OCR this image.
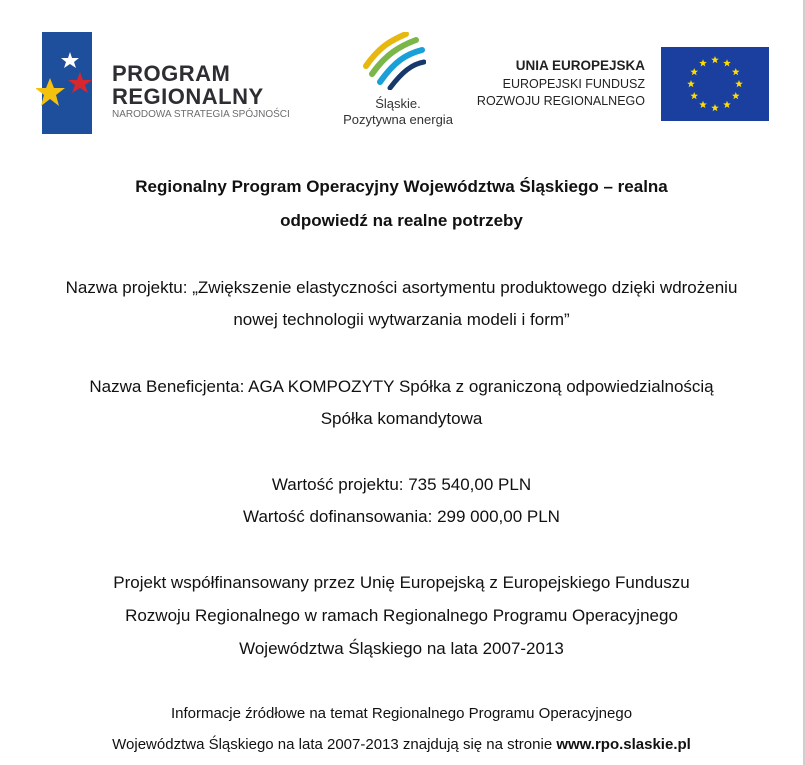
PROGRAM
REGIONALNY
NARODOWA STRATEGIA SPÓJNOŚCI
Śląskie.
Pozytywna energia
UNIA EUROPEJSKA
EUROPEJSKI FUNDUSZ
ROZWOJU REGIONALNEGO
Regionalny Program Operacyjny Województwa Śląskiego – realna
odpowiedź na realne potrzeby
Nazwa projektu: „Zwiększenie elastyczności asortymentu produktowego dzięki wdrożeniu
nowej technologii wytwarzania modeli i form”
Nazwa Beneficjenta: AGA KOMPOZYTY Spółka z ograniczoną odpowiedzialnością
Spółka komandytowa
Wartość projektu: 735 540,00 PLN
Wartość dofinansowania: 299 000,00 PLN
Projekt współfinansowany przez Unię Europejską z Europejskiego Funduszu
Rozwoju Regionalnego w ramach Regionalnego Programu Operacyjnego
Województwa Śląskiego na lata 2007-2013
Informacje źródłowe na temat Regionalnego Programu Operacyjnego
Województwa Śląskiego na lata 2007-2013 znajdują się na stronie www.rpo.slaskie.pl
